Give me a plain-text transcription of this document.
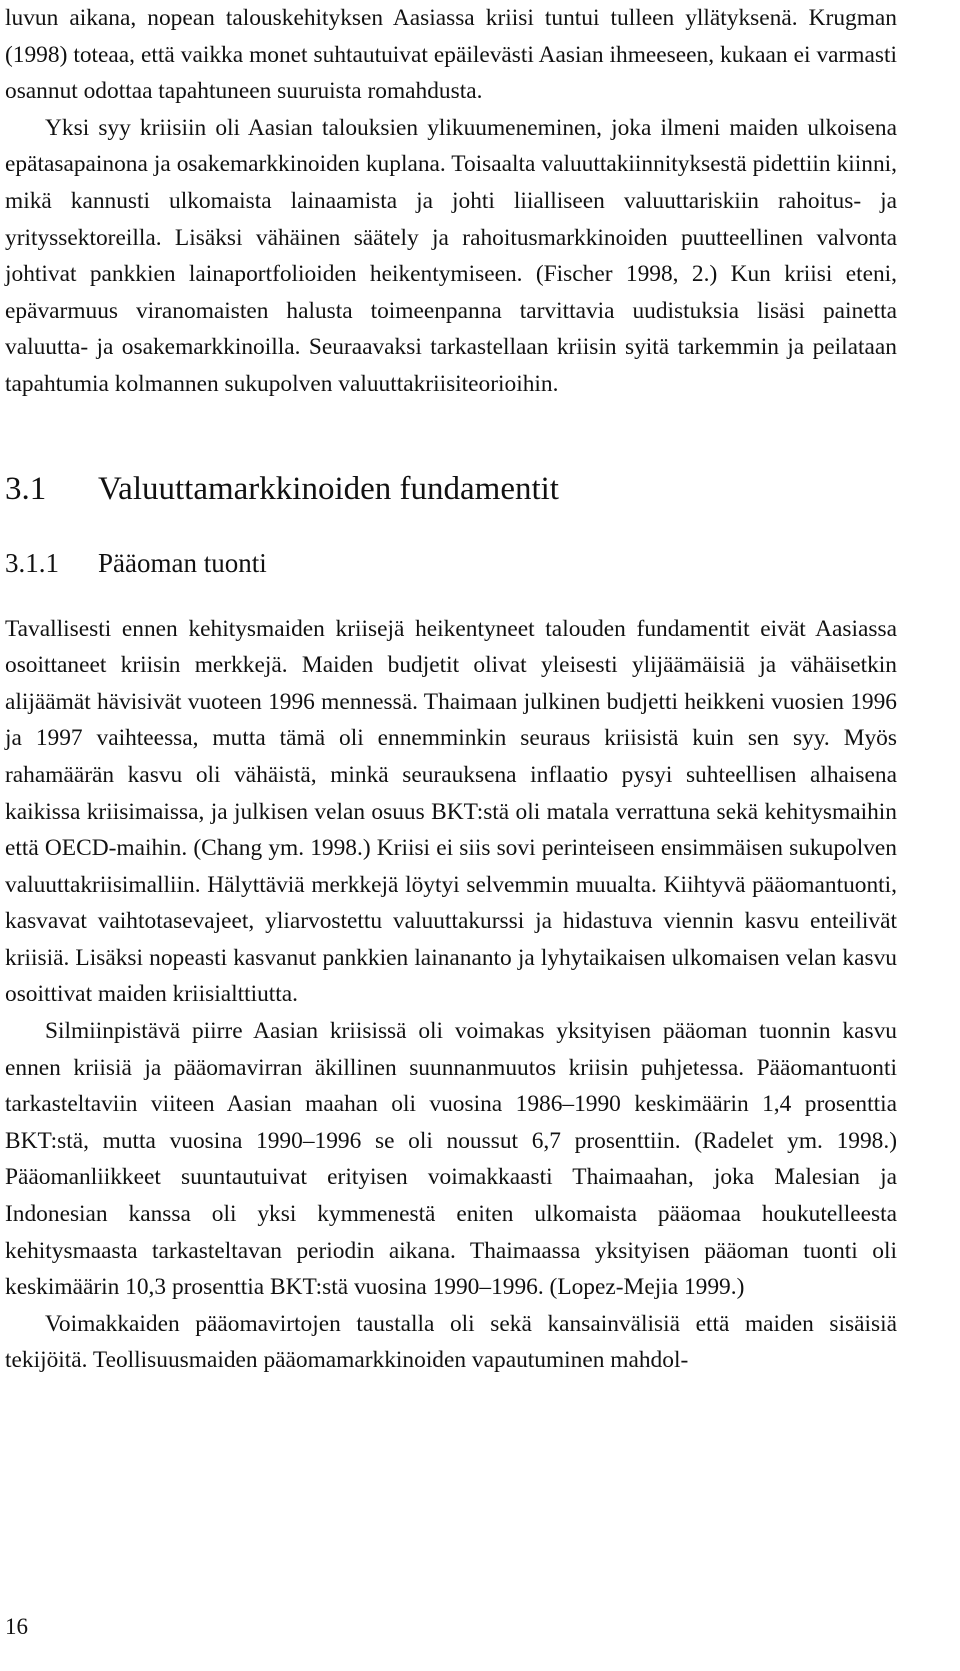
luvun aikana, nopean talouskehityksen Aasiassa kriisi tuntui tulleen yllätyksenä. Krugman (1998) toteaa, että vaikka monet suhtautuivat epäilevästi Aasian ihmeeseen, kukaan ei varmasti osannut odottaa tapahtuneen suuruista romahdusta.

Yksi syy kriisiin oli Aasian talouksien ylikuumeneminen, joka ilmeni maiden ulkoisena epätasapainona ja osakemarkkinoiden kuplana. Toisaalta valuuttakiinnityksestä pidettiin kiinni, mikä kannusti ulkomaista lainaamista ja johti liialliseen valuuttariskiin rahoitus- ja yrityssektoreilla. Lisäksi vähäinen säätely ja rahoitusmarkkinoiden puutteellinen valvonta johtivat pankkien lainaportfolioiden heikentymiseen. (Fischer 1998, 2.) Kun kriisi eteni, epävarmuus viranomaisten halusta toimeenpanna tarvittavia uudistuksia lisäsi painetta valuutta- ja osakemarkkinoilla. Seuraavaksi tarkastellaan kriisin syitä tarkemmin ja peilataan tapahtumia kolmannen sukupolven valuuttakriisiteorioihin.

3.1	Valuuttamarkkinoiden fundamentit
3.1.1	Pääoman tuonti

Tavallisesti ennen kehitysmaiden kriisejä heikentyneet talouden fundamentit eivät Aasiassa osoittaneet kriisin merkkejä. Maiden budjetit olivat yleisesti ylijäämäisiä ja vähäisetkin alijäämät hävisivät vuoteen 1996 mennessä. Thaimaan julkinen budjetti heikkeni vuosien 1996 ja 1997 vaihteessa, mutta tämä oli ennemminkin seuraus kriisistä kuin sen syy. Myös rahamäärän kasvu oli vähäistä, minkä seurauksena inflaatio pysyi suhteellisen alhaisena kaikissa kriisimaissa, ja julkisen velan osuus BKT:stä oli matala verrattuna sekä kehitysmaihin että OECD-maihin. (Chang ym. 1998.) Kriisi ei siis sovi perinteiseen ensimmäisen sukupolven valuuttakriisimalliin. Hälyttäviä merkkejä löytyi selvemmin muualta. Kiihtyvä pääomantuonti, kasvavat vaihtotasevajeet, yliarvostettu valuuttakurssi ja hidastuva viennin kasvu enteilivät kriisiä. Lisäksi nopeasti kasvanut pankkien lainananto ja lyhytaikaisen ulkomaisen velan kasvu osoittivat maiden kriisialttiutta.

Silmiinpistävä piirre Aasian kriisissä oli voimakas yksityisen pääoman tuonnin kasvu ennen kriisiä ja pääomavirran äkillinen suunnanmuutos kriisin puhjetessa. Pääomantuonti tarkasteltaviin viiteen Aasian maahan oli vuosina 1986–1990 keskimäärin 1,4 prosenttia BKT:stä, mutta vuosina 1990–1996 se oli noussut 6,7 prosenttiin. (Radelet ym. 1998.) Pääomanliikkeet suuntautuivat erityisen voimakkaasti Thaimaahan, joka Malesian ja Indonesian kanssa oli yksi kymmenestä eniten ulkomaista pääomaa houkutelleesta kehitysmaasta tarkasteltavan periodin aikana. Thaimaassa yksityisen pääoman tuonti oli keskimäärin 10,3 prosenttia BKT:stä vuosina 1990–1996. (Lopez-Mejia 1999.)

Voimakkaiden pääomavirtojen taustalla oli sekä kansainvälisiä että maiden sisäisiä tekijöitä. Teollisuusmaiden pääomamarkkinoiden vapautuminen mahdol-

16
